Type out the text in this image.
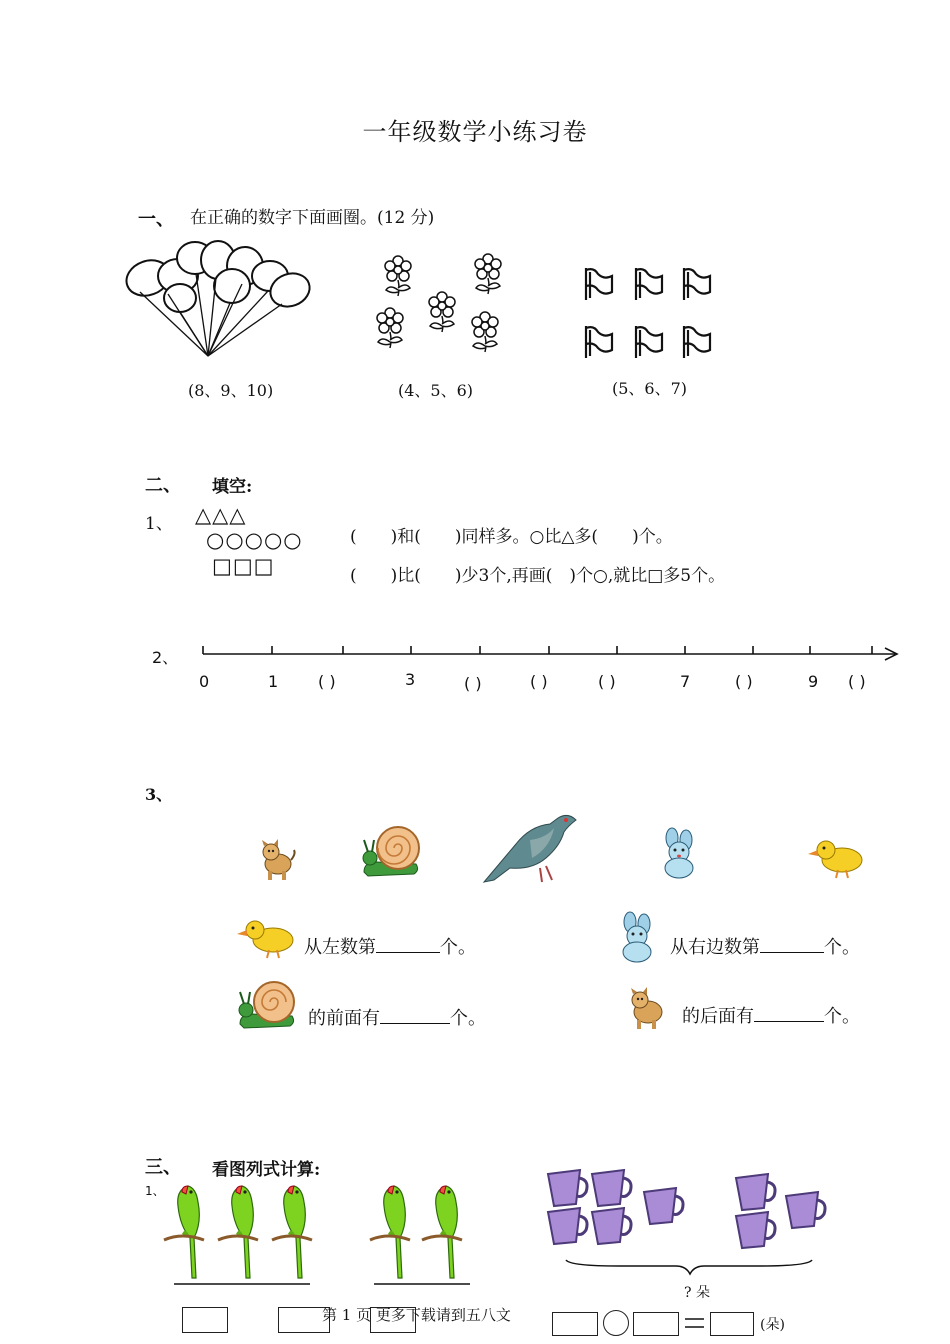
一年级数学小练习卷
一、 在正确的数字下面画圈。(12 分)
(8、9、10)	(4、5、6)	(5、6、7)
二、 填空:
1、 △△△
○○○○○
□□□
(　　)和(　　)同样多。○比△多(　　)个。
(　　)比(　　)少3个,再画(　)个○,就比□多5个。
2、
0	1 ( )	3	( )	( )	( )	7	( )	9 ( )
3、
从左数第	个。	从右边数第	个。
的前面有	个。	的后面有	个。
三、 看图列式计算:
1、
? 朵
(朵)
第 1 页 更多下载请到五八文
